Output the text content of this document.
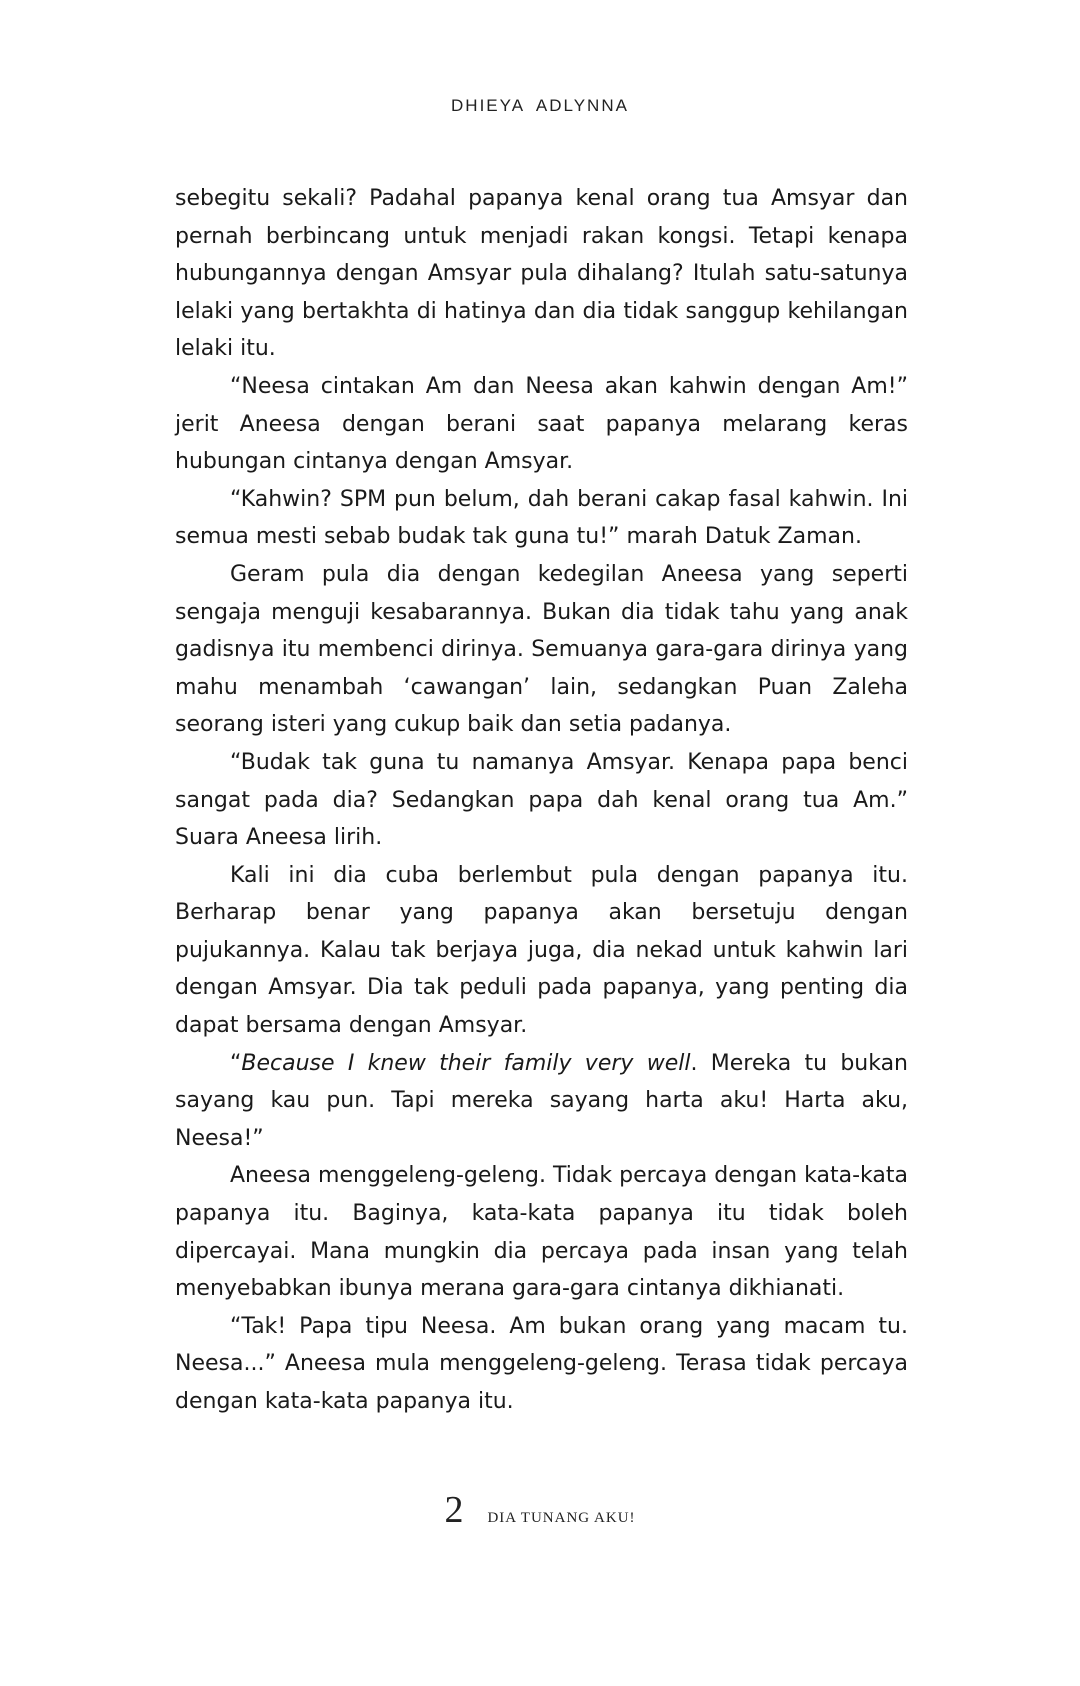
DHIEYA ADLYNNA

sebegitu sekali? Padahal papanya kenal orang tua Amsyar dan pernah berbincang untuk menjadi rakan kongsi. Tetapi kenapa hubungannya dengan Amsyar pula dihalang? Itulah satu-satunya lelaki yang bertakhta di hatinya dan dia tidak sanggup kehilangan lelaki itu.

“Neesa cintakan Am dan Neesa akan kahwin dengan Am!” jerit Aneesa dengan berani saat papanya melarang keras hubungan cintanya dengan Amsyar.

“Kahwin? SPM pun belum, dah berani cakap fasal kahwin. Ini semua mesti sebab budak tak guna tu!” marah Datuk Zaman.

Geram pula dia dengan kedegilan Aneesa yang seperti sengaja menguji kesabarannya. Bukan dia tidak tahu yang anak gadisnya itu membenci dirinya. Semuanya gara-gara dirinya yang mahu menambah ‘cawangan’ lain, sedangkan Puan Zaleha seorang isteri yang cukup baik dan setia padanya.

“Budak tak guna tu namanya Amsyar. Kenapa papa benci sangat pada dia? Sedangkan papa dah kenal orang tua Am.” Suara Aneesa lirih.

Kali ini dia cuba berlembut pula dengan papanya itu. Berharap benar yang papanya akan bersetuju dengan pujukannya. Kalau tak berjaya juga, dia nekad untuk kahwin lari dengan Amsyar. Dia tak peduli pada papanya, yang penting dia dapat bersama dengan Amsyar.

“Because I knew their family very well. Mereka tu bukan sayang kau pun. Tapi mereka sayang harta aku! Harta aku, Neesa!”

Aneesa menggeleng-geleng. Tidak percaya dengan kata-kata papanya itu. Baginya, kata-kata papanya itu tidak boleh dipercayai. Mana mungkin dia percaya pada insan yang telah menyebabkan ibunya merana gara-gara cintanya dikhianati.

“Tak! Papa tipu Neesa. Am bukan orang yang macam tu. Neesa...” Aneesa mula menggeleng-geleng. Terasa tidak percaya dengan kata-kata papanya itu.

2 DIA TUNANG AKU!
